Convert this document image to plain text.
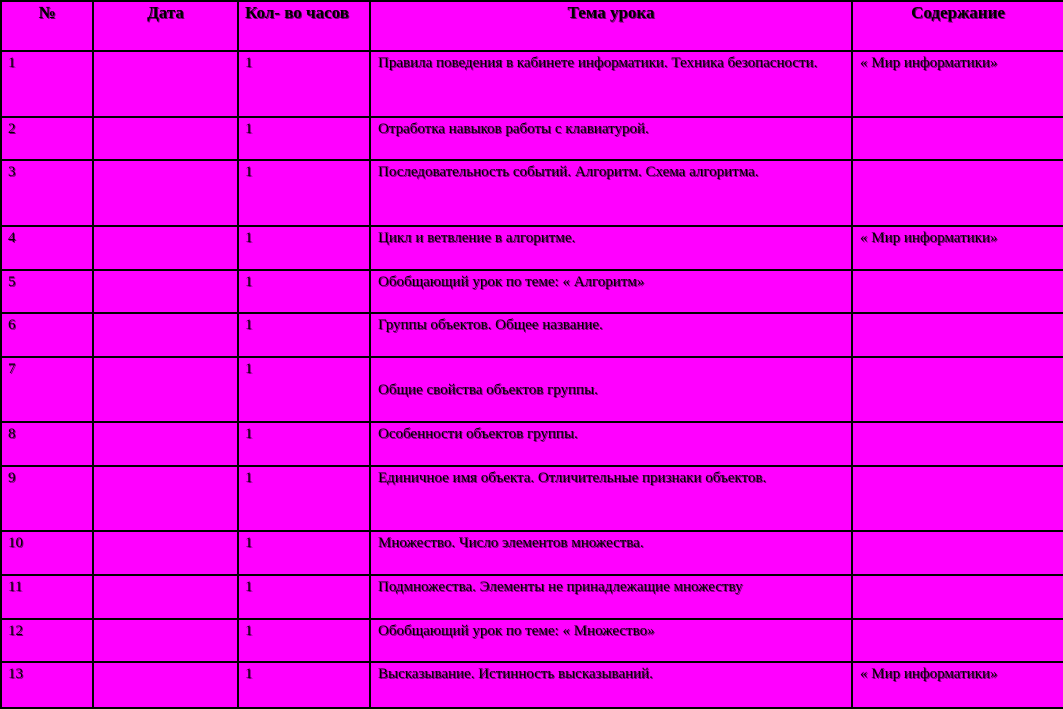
№	Дата	Кол- во часов	Тема урока	Содержание
1		1	Правила поведения в кабинете информатики. Техника безопасности.	« Мир информатики»
2		1	Отработка навыков работы с клавиатурой.	
3		1	Последовательность событий. Алгоритм. Схема алгоритма.	
4		1	Цикл и ветвление в алгоритме.	« Мир информатики»
5		1	Обобщающий урок по теме: « Алгоритм»	
6		1	Группы объектов. Общее название.	
7		1	Общие свойства объектов группы.	
8		1	Особенности объектов группы.	
9		1	Единичное имя объекта. Отличительные признаки объектов.	
10		1	Множество. Число элементов множества.	
11		1	Подмножества. Элементы не принадлежащие множеству	
12		1	Обобщающий урок по теме: « Множество»	
13		1	Высказывание. Истинность высказываний.	« Мир информатики»
